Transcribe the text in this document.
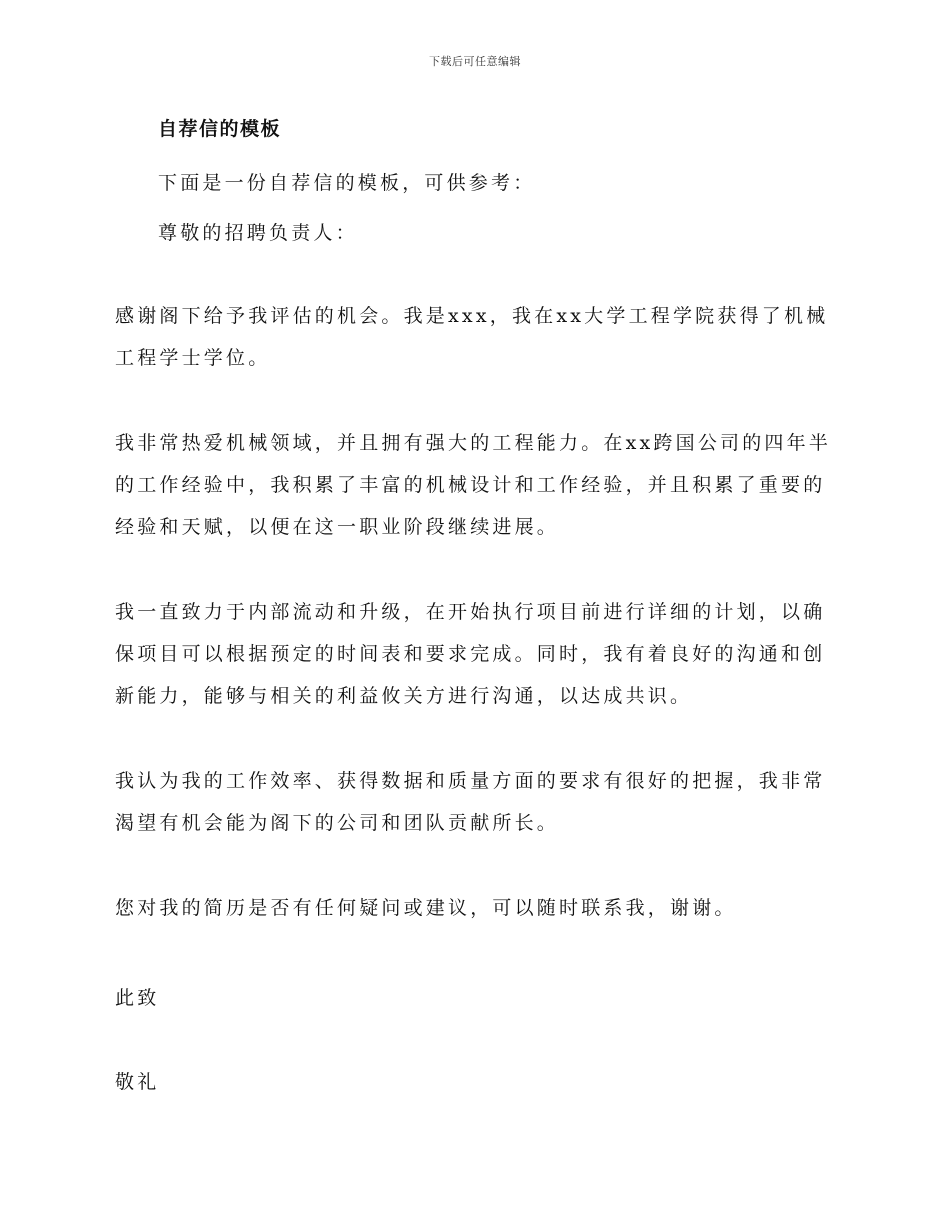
下载后可任意编辑
自荐信的模板
下面是一份自荐信的模板，可供参考：
尊敬的招聘负责人：
感谢阁下给予我评估的机会。我是xxx，我在xx大学工程学院获得了机械工程学士学位。
我非常热爱机械领域，并且拥有强大的工程能力。在xx跨国公司的四年半的工作经验中，我积累了丰富的机械设计和工作经验，并且积累了重要的经验和天赋，以便在这一职业阶段继续进展。
我一直致力于内部流动和升级，在开始执行项目前进行详细的计划，以确保项目可以根据预定的时间表和要求完成。同时，我有着良好的沟通和创新能力，能够与相关的利益攸关方进行沟通，以达成共识。
我认为我的工作效率、获得数据和质量方面的要求有很好的把握，我非常渴望有机会能为阁下的公司和团队贡献所长。
您对我的简历是否有任何疑问或建议，可以随时联系我，谢谢。
此致
敬礼
